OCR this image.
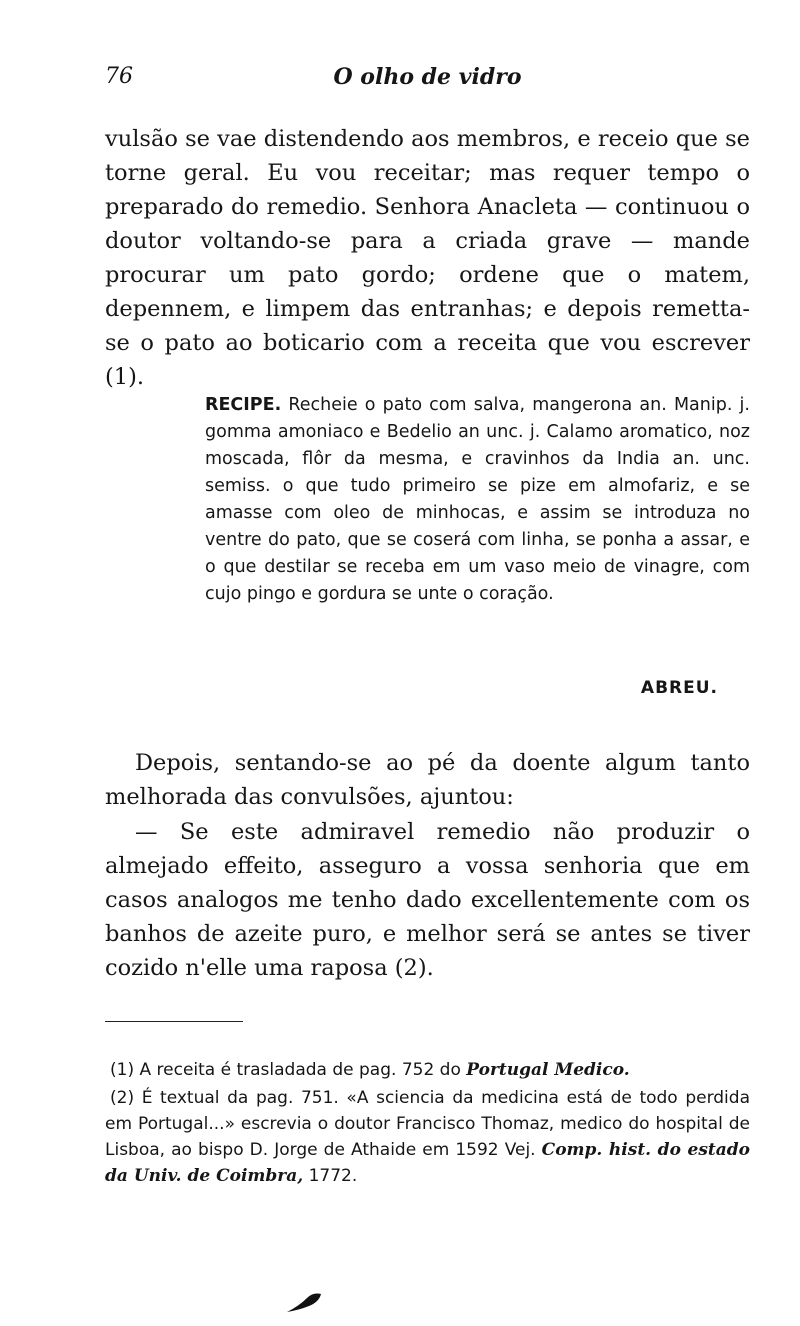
76	O olho de vidro

vulsão se vae distendendo aos membros, e receio que se torne geral. Eu vou receitar; mas requer tempo o preparado do remedio. Senhora Anacleta — continuou o doutor voltando-se para a criada grave — mande procurar um pato gordo; ordene que o matem, depennem, e limpem das entranhas; e depois remetta-se o pato ao boticario com a receita que vou escrever (1).

RECIPE. Recheie o pato com salva, mangerona an. Manip. j. gomma amoniaco e Bedelio an unc. j. Calamo aromatico, noz moscada, flôr da mesma, e cravinhos da India an. unc. semiss. o que tudo primeiro se pize em almofariz, e se amasse com oleo de minhocas, e assim se introduza no ventre do pato, que se coserá com linha, se ponha a assar, e o que destilar se receba em um vaso meio de vinagre, com cujo pingo e gordura se unte o coração.

ABREU.

Depois, sentando-se ao pé da doente algum tanto melhorada das convulsões, ajuntou:

— Se este admiravel remedio não produzir o almejado effeito, asseguro a vossa senhoria que em casos analogos me tenho dado excellentemente com os banhos de azeite puro, e melhor será se antes se tiver cozido n'elle uma raposa (2).

(1) A receita é trasladada de pag. 752 do Portugal Medico.

(2) É textual da pag. 751. «A sciencia da medicina está de todo perdida em Portugal...» escrevia o doutor Francisco Thomaz, medico do hospital de Lisboa, ao bispo D. Jorge de Athaide em 1592 Vej. Comp. hist. do estado da Univ. de Coimbra, 1772.
